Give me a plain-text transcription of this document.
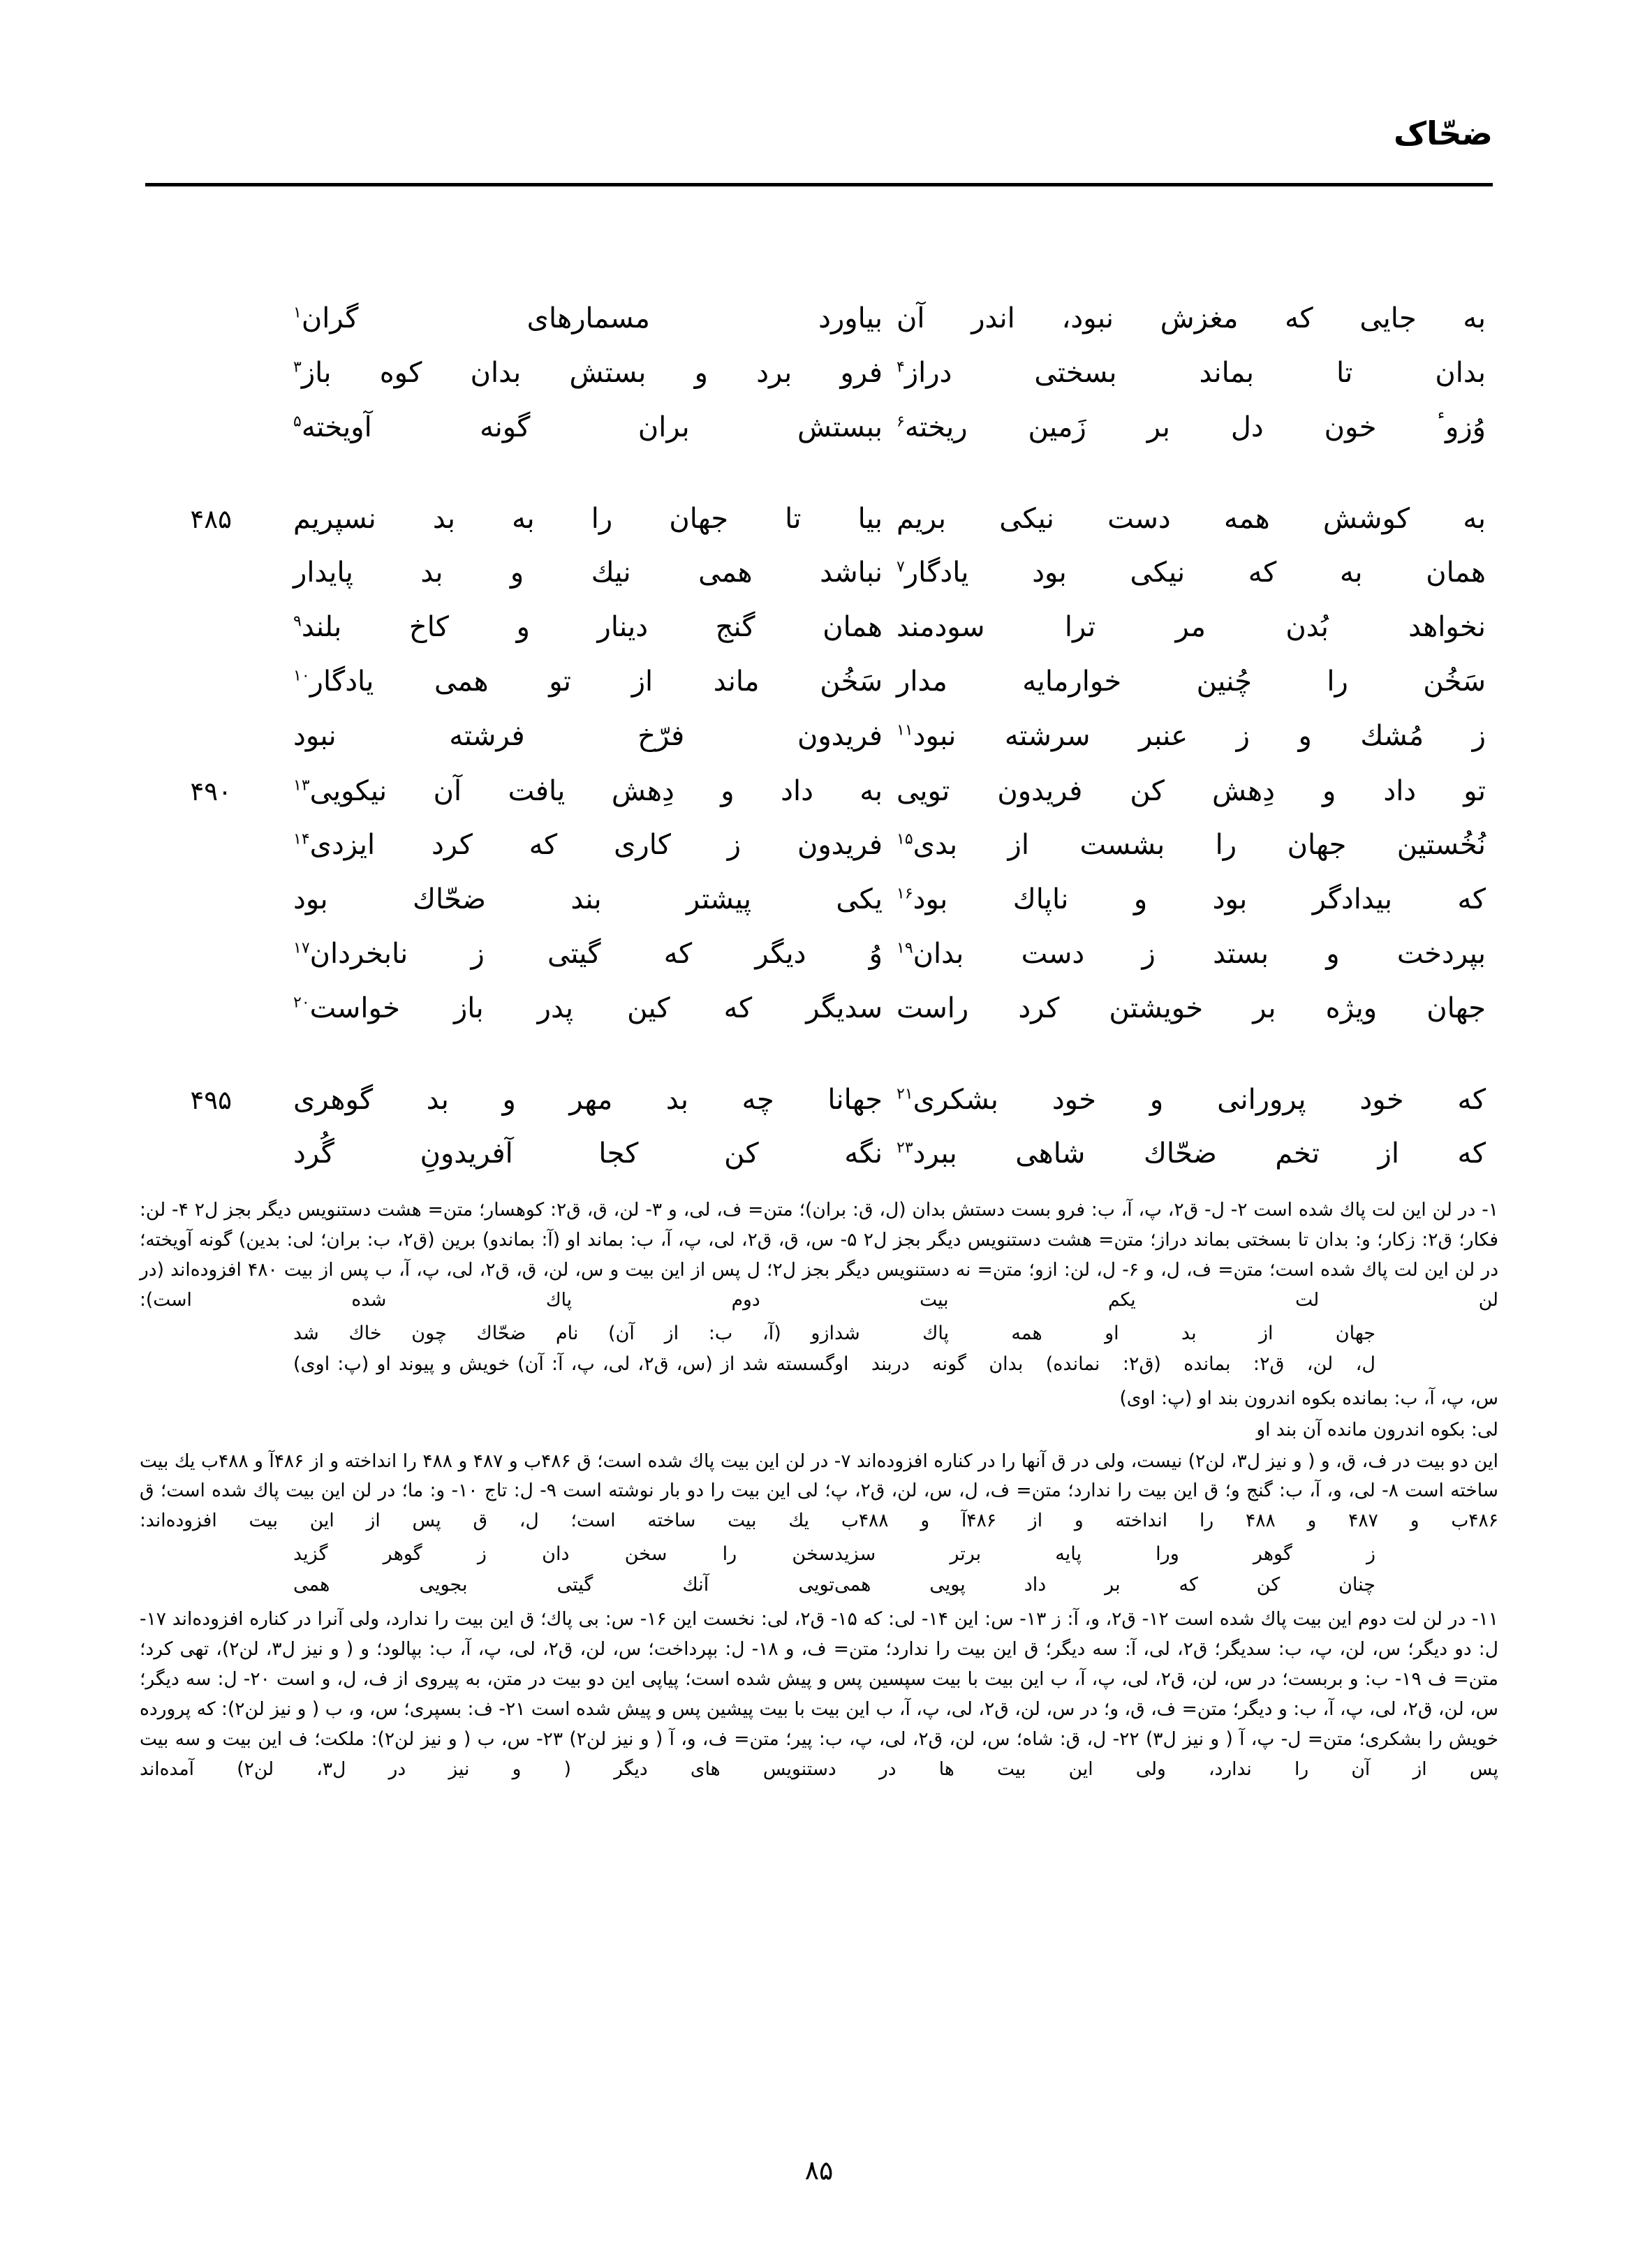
ضحّاک
به جایی که مغزش نبود، اندر آن
بیاورد مسمارهای گران$^۱$
بدان تا بماند بسختی دراز$^۴$
فرو برد و بستش بدان کوه باز$^۳$
وُزوٴ خون دل بر زَمین ریخته$^۶$
ببستش بران گونه آویخته$^۵$
به کوشش همه دست نیکی بریم
بیا تا جهان را به بد نسپریم
۴۸۵
همان به که نیکی بود یادگار$^۷$
نباشد همی نیك و بد پایدار
نخواهد بُدن مر ترا سودمند
همان گنج دینار و کاخ بلند$^۹$
سَخُن را چُنین خوارمایه مدار
سَخُن ماند از تو همی یادگار$^{۱۰}$
ز مُشك و ز عنبر سرشته نبود$^{۱۱}$
فریدون فرّخ فرشته نبود
تو داد و دِهش کن فریدون تویی
به داد و دِهش یافت آن نیکویی$^{۱۳}$
۴۹۰
نُخُستین جهان را بشست از بدی$^{۱۵}$
فریدون ز کاری که کرد ایزدی$^{۱۴}$
که بیدادگر بود و ناپاك بود$^{۱۶}$
یکی پیشتر بند ضحّاك بود
بپردخت و بستد ز دست بدان$^{۱۹}$
وُ دیگر که گیتی ز نابخردان$^{۱۷}$
جهان ویژه بر خویشتن کرد راست
سدیگر که کین پدر باز خواست$^{۲۰}$
که خود پرورانی و خود بشکری$^{۲۱}$
جهانا چه بد مهر و بد گوهری
۴۹۵
که از تخم ضحّاك شاهی ببرد$^{۲۳}$
نگه کن کجا آفریدونِ گُرد

۱- در لن این لت پاك شده است ۲- ل- ق۲، پ، آ، ب: فرو بست دستش بدان (ل، ق: بران)؛ متن= ف، لی، و ۳- لن، ق، ق۲: کوهسار؛ متن= هشت دستنویس دیگر بجز ل۲ ۴- لن: فکار؛ ق۲: زکار؛ و: بدان تا بسختی بماند دراز؛ متن= هشت دستنویس دیگر بجز ل۲ ۵- س، ق، ق۲، لی، پ، آ، ب: بماند او (آ: بماندو) برین (ق۲، ب: بران؛ لی: بدین) گونه آویخته؛ در لن این لت پاك شده است؛ متن= ف، ل، و ۶- ل، لن: ازو؛ متن= نه دستنویس دیگر بجز ل۲؛ ل پس از این بیت و س، لن، ق، ق۲، لی، پ، آ، ب پس از بیت ۴۸۰ افزوده‌اند (در لن لت یکم بیت دوم پاك شده است):

جهان از بد او همه پاك شد
ازو (آ، ب: از آن) نام ضحّاك چون خاك شد
ل، لن، ق۲: بمانده (ق۲: نمانده) بدان گونه دربند او
گسسته شد از (س، ق۲، لی، پ، آ: آن) خویش و پیوند او (پ: اوی)

س، پ، آ، ب: بمانده بکوه اندرون بند او (پ: اوی)

لی: بکوه اندرون مانده آن بند او

این دو بیت در ف، ق، و ( و نیز ل۳، لن۲) نیست، ولی در ق آنها را در کناره افزوده‌اند ۷- در لن این بیت پاك شده است؛ ق ۴۸۶ب و ۴۸۷ و ۴۸۸ را انداخته و از ۴۸۶آ و ۴۸۸ب یك بیت ساخته است ۸- لی، و، آ، ب: گنج و؛ ق این بیت را ندارد؛ متن= ف، ل، س، لن، ق۲، پ؛ لی این بیت را دو بار نوشته است ۹- ل: تاج ۱۰- و: ما؛ در لن این بیت پاك شده است؛ ق ۴۸۶ب و ۴۸۷ و ۴۸۸ را انداخته و از ۴۸۶آ و ۴۸۸ب یك بیت ساخته است؛ ل، ق پس از این بیت افزوده‌اند:

ز گوهر ورا پایه برتر سزید
سخن را سخن دان ز گوهر گزید
چنان کن که بر داد پویی همی
تویی آنك گیتی بجویی همی

۱۱- در لن لت دوم این بیت پاك شده است ۱۲- ق۲، و، آ: ز ۱۳- س: این ۱۴- لی: که ۱۵- ق۲، لی: نخست این ۱۶- س: بی پاك؛ ق این بیت را ندارد، ولی آنرا در کناره افزوده‌اند ۱۷- ل: دو دیگر؛ س، لن، پ، ب: سدیگر؛ ق۲، لی، آ: سه دیگر؛ ق این بیت را ندارد؛ متن= ف، و ۱۸- ل: بپرداخت؛ س، لن، ق۲، لی، پ، آ، ب: بپالود؛ و ( و نیز ل۳، لن۲)، تهی کرد؛ متن= ف ۱۹- ب: و بربست؛ در س، لن، ق۲، لی، پ، آ، ب این بیت با بیت سپسین پس و پیش شده است؛ پیاپی این دو بیت در متن، به پیروی از ف، ل، و است ۲۰- ل: سه دیگر؛ س، لن، ق۲، لی، پ، آ، ب: و دیگر؛ متن= ف، ق، و؛ در س، لن، ق۲، لی، پ، آ، ب این بیت با بیت پیشین پس و پیش شده است ۲۱- ف: بسپری؛ س، و، ب ( و نیز لن۲): که پرورده خویش را بشکری؛ متن= ل- پ، آ ( و نیز ل۳) ۲۲- ل، ق: شاه؛ س، لن، ق۲، لی، پ، ب: پیر؛ متن= ف، و، آ ( و نیز لن۲) ۲۳- س، ب ( و نیز لن۲): ملکت؛ ف این بیت و سه بیت پس از آن را ندارد، ولی این بیت ها در دستنویس های دیگر ( و نیز در ل۳، لن۲) آمده‌اند

۸۵
